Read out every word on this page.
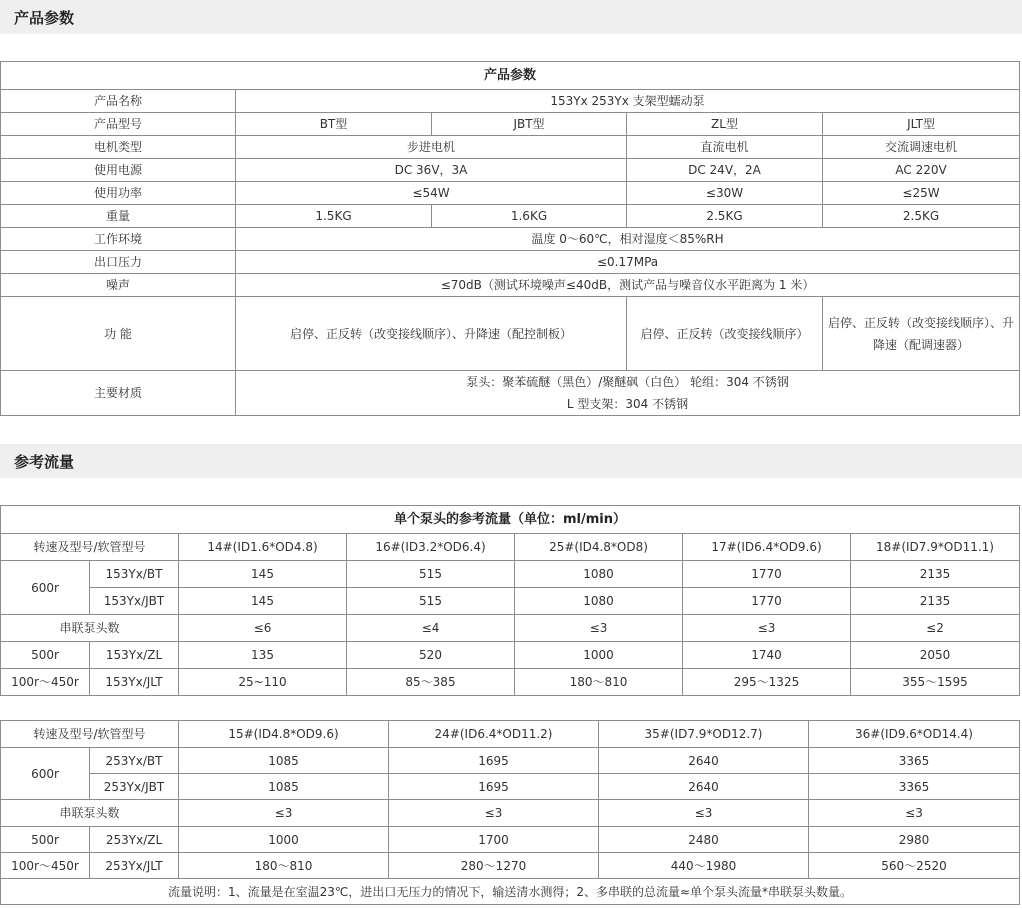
产品参数
产品参数				
产品名称	153Yx 253Yx 支架型蠕动泵			
产品型号	BT型	JBT型	ZL型	JLT型
电机类型	步进电机		直流电机	交流调速电机
使用电源	DC 36V，3A		DC 24V，2A	AC 220V
使用功率	≤54W		≤30W	≤25W
重量	1.5KG	1.6KG	2.5KG	2.5KG
工作环境	温度 0～60℃，相对湿度＜85%RH			
出口压力	≤0.17MPa			
噪声	≤70dB（测试环境噪声≤40dB，测试产品与噪音仪水平距离为 1 米）			
功 能	启停、正反转（改变接线顺序）、升降速（配控制板）		启停、正反转（改变接线顺序）	启停、正反转（改变接线顺序）、升降速（配调速器）
主要材质	泵头：聚苯硫醚（黑色）/聚醚砜（白色） 轮组：304 不锈钢
L 型支架：304 不锈钢			
参考流量
单个泵头的参考流量（单位：ml/min）						
转速及型号/软管型号		14#(ID1.6*OD4.8)	16#(ID3.2*OD6.4)	25#(ID4.8*OD8)	17#(ID6.4*OD9.6)	18#(ID7.9*OD11.1)
600r	153Yx/BT	145	515	1080	1770	2135
	153Yx/JBT	145	515	1080	1770	2135
串联泵头数		≤6	≤4	≤3	≤3	≤2
500r	153Yx/ZL	135	520	1000	1740	2050
100r～450r	153Yx/JLT	25~110	85～385	180～810	295～1325	355～1595
转速及型号/软管型号		15#(ID4.8*OD9.6)	24#(ID6.4*OD11.2)	35#(ID7.9*OD12.7)	36#(ID9.6*OD14.4)
600r	253Yx/BT	1085	1695	2640	3365
	253Yx/JBT	1085	1695	2640	3365
串联泵头数		≤3	≤3	≤3	≤3
500r	253Yx/ZL	1000	1700	2480	2980
100r～450r	253Yx/JLT	180～810	280～1270	440～1980	560～2520
流量说明：1、流量是在室温23℃，进出口无压力的情况下，输送清水测得；2、多串联的总流量≈单个泵头流量*串联泵头数量。					
